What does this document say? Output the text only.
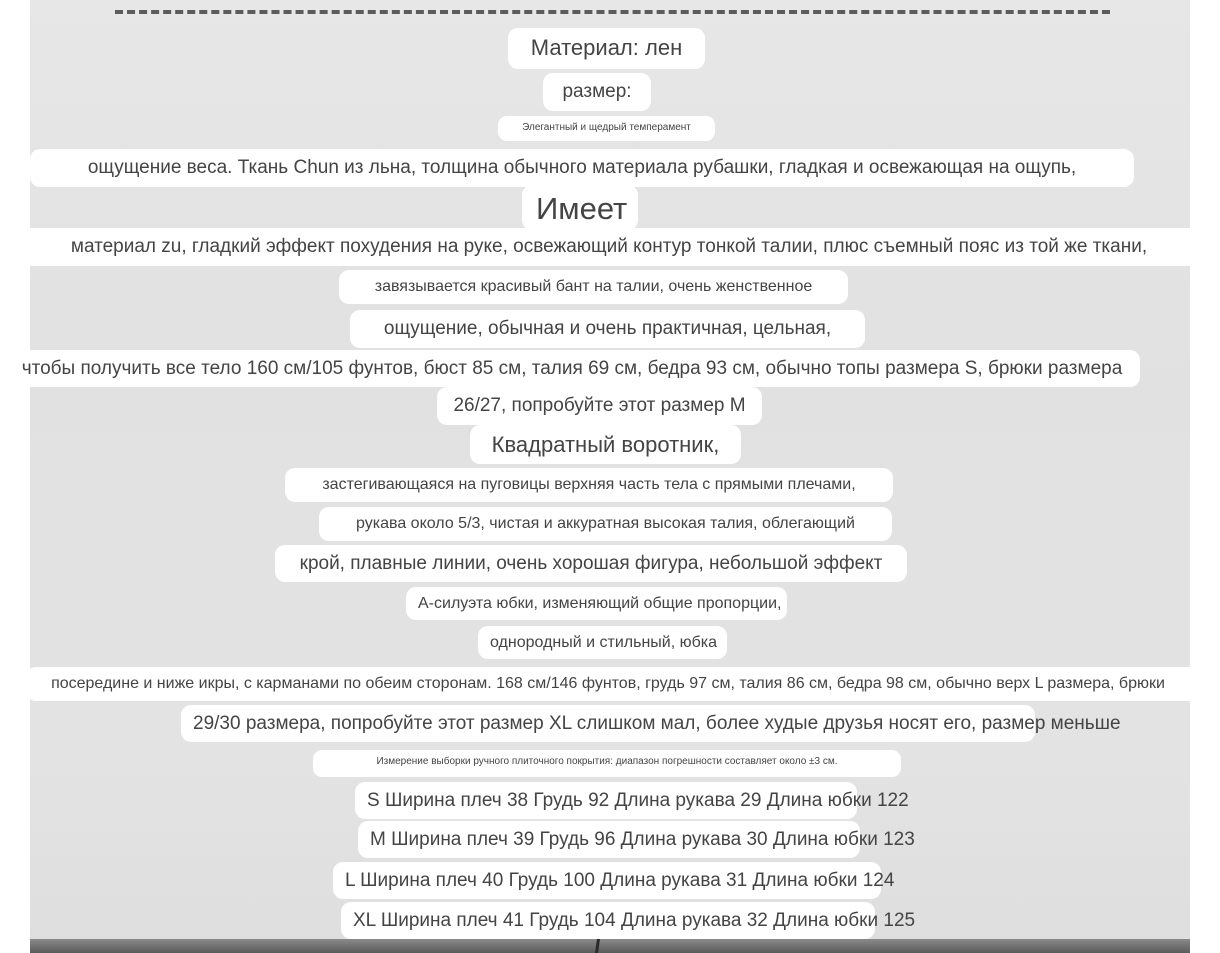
Материал: лен
размер:
Элегантный и щедрый темперамент
ощущение веса. Ткань Chun из льна, толщина обычного материала рубашки, гладкая и освежающая на ощупь,
Имеет
материал zu, гладкий эффект похудения на руке, освежающий контур тонкой талии, плюс съемный пояс из той же ткани,
завязывается красивый бант на талии, очень женственное
ощущение, обычная и очень практичная, цельная,
чтобы получить все тело 160 см/105 фунтов, бюст 85 см, талия 69 см, бедра 93 см, обычно топы размера S, брюки размера
26/27, попробуйте этот размер M
Квадратный воротник,
застегивающаяся на пуговицы верхняя часть тела с прямыми плечами,
рукава около 5/3, чистая и аккуратная высокая талия, облегающий
крой, плавные линии, очень хорошая фигура, небольшой эффект
А-силуэта юбки, изменяющий общие пропорции,
однородный и стильный, юбка
посередине и ниже икры, с карманами по обеим сторонам. 168 см/146 фунтов, грудь 97 см, талия 86 см, бедра 98 см, обычно верх L размера, брюки
29/30 размера, попробуйте этот размер XL слишком мал, более худые друзья носят его, размер меньше
Измерение выборки ручного плиточного покрытия: диапазон погрешности составляет около ±3 см.
S Ширина плеч 38 Грудь 92 Длина рукава 29 Длина юбки 122
M Ширина плеч 39 Грудь 96 Длина рукава 30 Длина юбки 123
L Ширина плеч 40 Грудь 100 Длина рукава 31 Длина юбки 124
XL Ширина плеч 41 Грудь 104 Длина рукава 32 Длина юбки 125
